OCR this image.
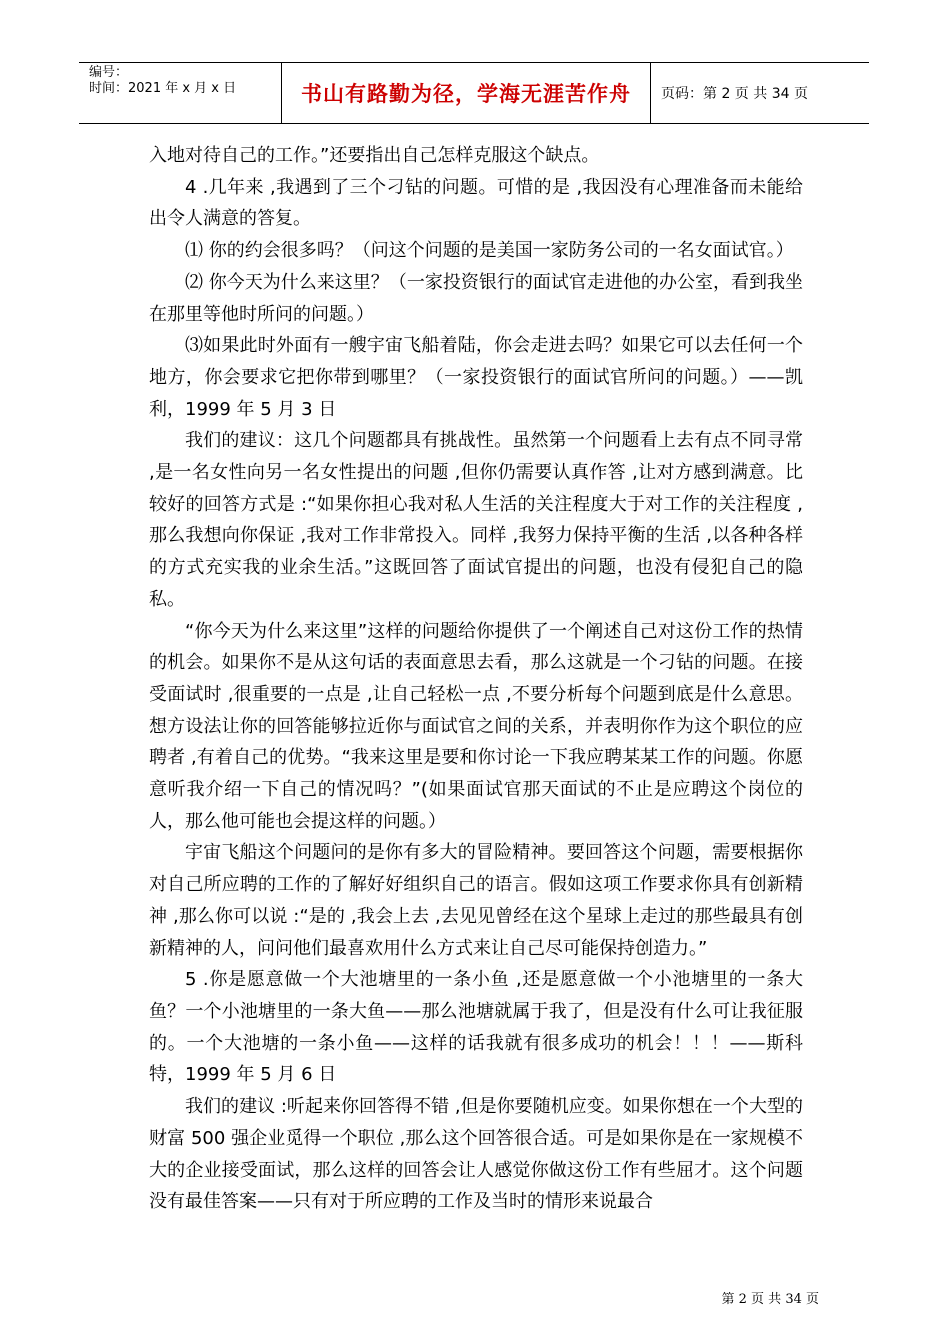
编号：
时间：2021 年 x 月 x 日	书山有路勤为径，学海无涯苦作舟	页码：第 2 页 共 34 页

入地对待自己的工作。”还要指出自己怎样克服这个缺点。

4 .几年来 ,我遇到了三个刁钻的问题。可惜的是 ,我因没有心理准备而未能给出令人满意的答复。

⑴ 你的约会很多吗？（问这个问题的是美国一家防务公司的一名女面试官。）

⑵ 你今天为什么来这里？（一家投资银行的面试官走进他的办公室，看到我坐在那里等他时所问的问题。）

⑶如果此时外面有一艘宇宙飞船着陆，你会走进去吗？如果它可以去任何一个地方，你会要求它把你带到哪里？（一家投资银行的面试官所问的问题。）——凯利，1999 年 5 月 3 日

我们的建议：这几个问题都具有挑战性。虽然第一个问题看上去有点不同寻常 ,是一名女性向另一名女性提出的问题 ,但你仍需要认真作答 ,让对方感到满意。比较好的回答方式是 :“如果你担心我对私人生活的关注程度大于对工作的关注程度 ,那么我想向你保证 ,我对工作非常投入。同样 ,我努力保持平衡的生活 ,以各种各样的方式充实我的业余生活。”这既回答了面试官提出的问题，也没有侵犯自己的隐私。

“你今天为什么来这里”这样的问题给你提供了一个阐述自己对这份工作的热情的机会。如果你不是从这句话的表面意思去看，那么这就是一个刁钻的问题。在接受面试时 ,很重要的一点是 ,让自己轻松一点 ,不要分析每个问题到底是什么意思。想方设法让你的回答能够拉近你与面试官之间的关系，并表明你作为这个职位的应聘者 ,有着自己的优势。“我来这里是要和你讨论一下我应聘某某工作的问题。你愿意听我介绍一下自己的情况吗？”(如果面试官那天面试的不止是应聘这个岗位的人，那么他可能也会提这样的问题。）

宇宙飞船这个问题问的是你有多大的冒险精神。要回答这个问题，需要根据你对自己所应聘的工作的了解好好组织自己的语言。假如这项工作要求你具有创新精神 ,那么你可以说 :“是的 ,我会上去 ,去见见曾经在这个星球上走过的那些最具有创新精神的人，问问他们最喜欢用什么方式来让自己尽可能保持创造力。”

5 .你是愿意做一个大池塘里的一条小鱼 ,还是愿意做一个小池塘里的一条大鱼？一个小池塘里的一条大鱼——那么池塘就属于我了，但是没有什么可让我征服的。一个大池塘的一条小鱼——这样的话我就有很多成功的机会！！！——斯科特，1999 年 5 月 6 日

我们的建议 :听起来你回答得不错 ,但是你要随机应变。如果你想在一个大型的财富 500 强企业觅得一个职位 ,那么这个回答很合适。可是如果你是在一家规模不大的企业接受面试，那么这样的回答会让人感觉你做这份工作有些屈才。这个问题没有最佳答案——只有对于所应聘的工作及当时的情形来说最合

第 2 页 共 34 页
